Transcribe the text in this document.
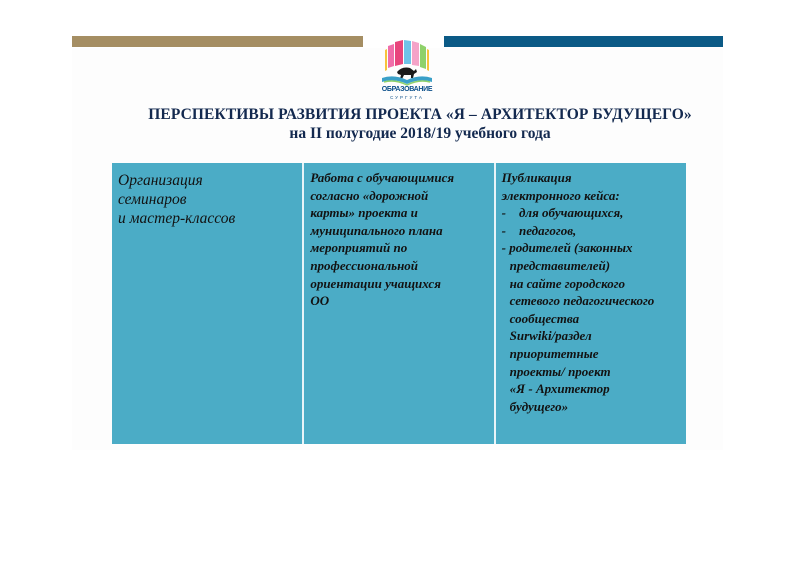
ОБРАЗОВАНИЕ
СУРГУТА
ПЕРСПЕКТИВЫ РАЗВИТИЯ ПРОЕКТА «Я – АРХИТЕКТОР БУДУЩЕГО»
на II полугодие 2018/19 учебного года
Организация
семинаров
и мастер-классов

Работа с обучающимися
согласно «дорожной
карты» проекта и
муниципального плана
мероприятий по
профессиональной
ориентации учащихся
ОО

Публикация
электронного кейса:
-    для обучающихся,
-    педагогов,
- родителей (законных
представителей)
на сайте городского
сетевого педагогического
сообщества
Surwiki/раздел
приоритетные
проекты/ проект
«Я - Архитектор
будущего»
